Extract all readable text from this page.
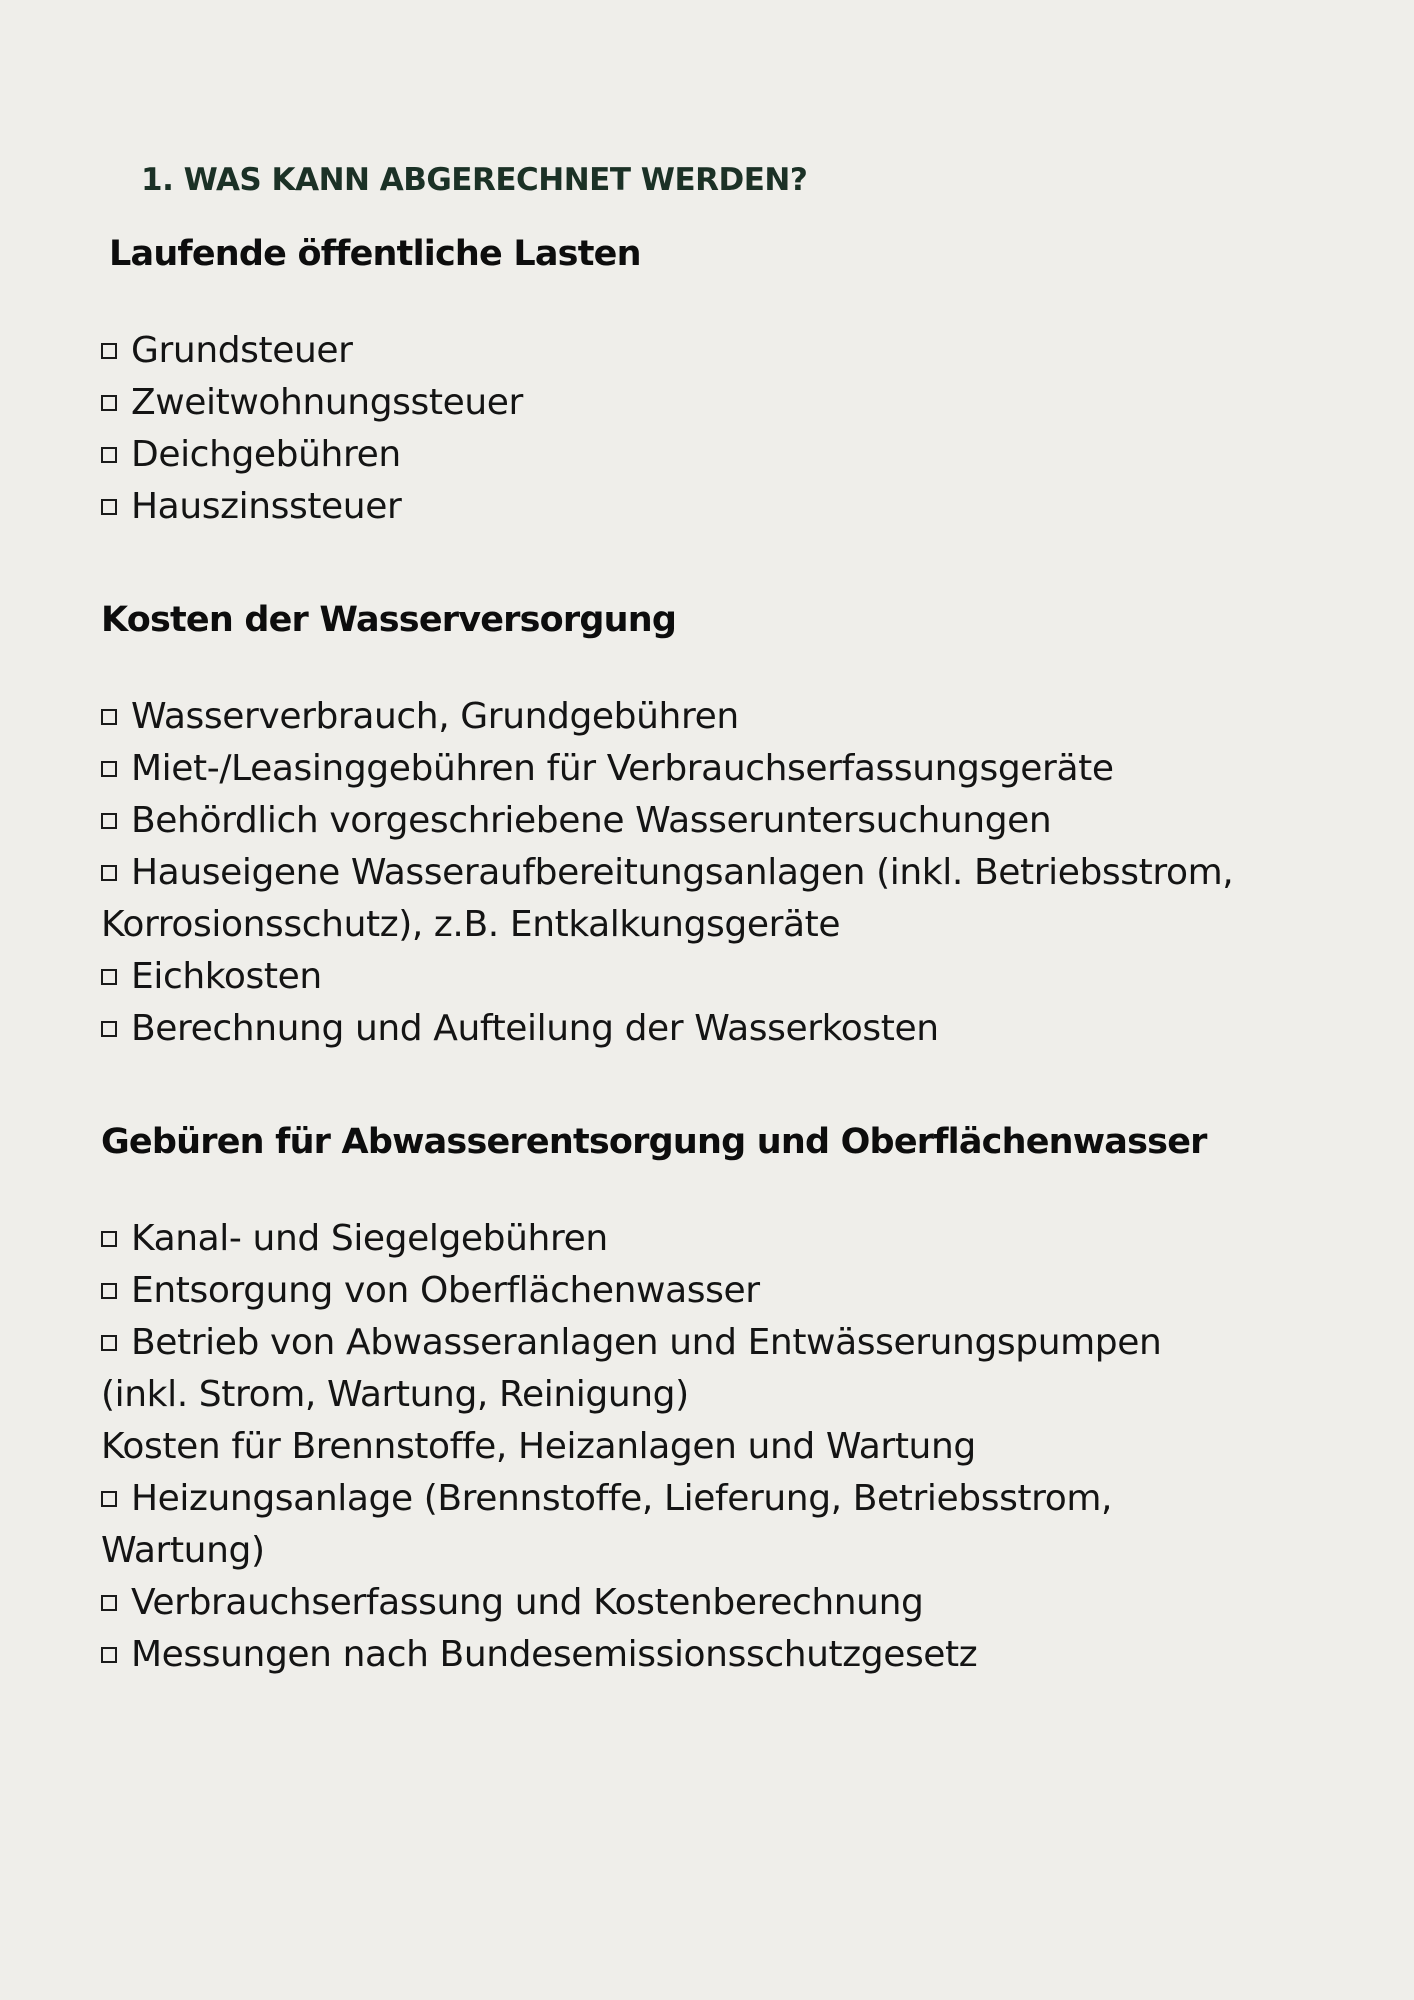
1. WAS KANN ABGERECHNET WERDEN?
Laufende öffentliche Lasten
Grundsteuer
Zweitwohnungssteuer
Deichgebühren
Hauszinssteuer
Kosten der Wasserversorgung
Wasserverbrauch, Grundgebühren
Miet-/Leasinggebühren für Verbrauchserfassungsgeräte
Behördlich vorgeschriebene Wasseruntersuchungen
Hauseigene Wasseraufbereitungsanlagen (inkl. Betriebsstrom,
Korrosionsschutz), z.B. Entkalkungsgeräte
Eichkosten
Berechnung und Aufteilung der Wasserkosten
Gebüren für Abwasserentsorgung und Oberflächenwasser
Kanal- und Siegelgebühren
Entsorgung von Oberflächenwasser
Betrieb von Abwasseranlagen und Entwässerungspumpen
(inkl. Strom, Wartung, Reinigung)
Kosten für Brennstoffe, Heizanlagen und Wartung
Heizungsanlage (Brennstoffe, Lieferung, Betriebsstrom,
Wartung)
Verbrauchserfassung und Kostenberechnung
Messungen nach Bundesemissionsschutzgesetz
